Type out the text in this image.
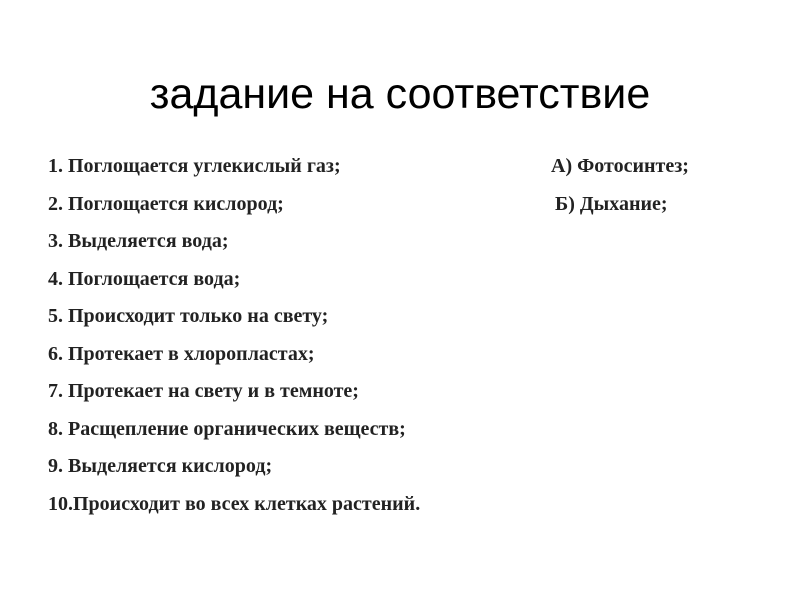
задание на соответствие
1. Поглощается углекислый газ;
2. Поглощается кислород;
3. Выделяется вода;
4. Поглощается вода;
5. Происходит только на свету;
6. Протекает в хлоропластах;
7. Протекает на свету и в темноте;
8. Расщепление органических веществ;
9. Выделяется кислород;
10.Происходит во всех клетках растений.
А) Фотосинтез;
Б) Дыхание;
